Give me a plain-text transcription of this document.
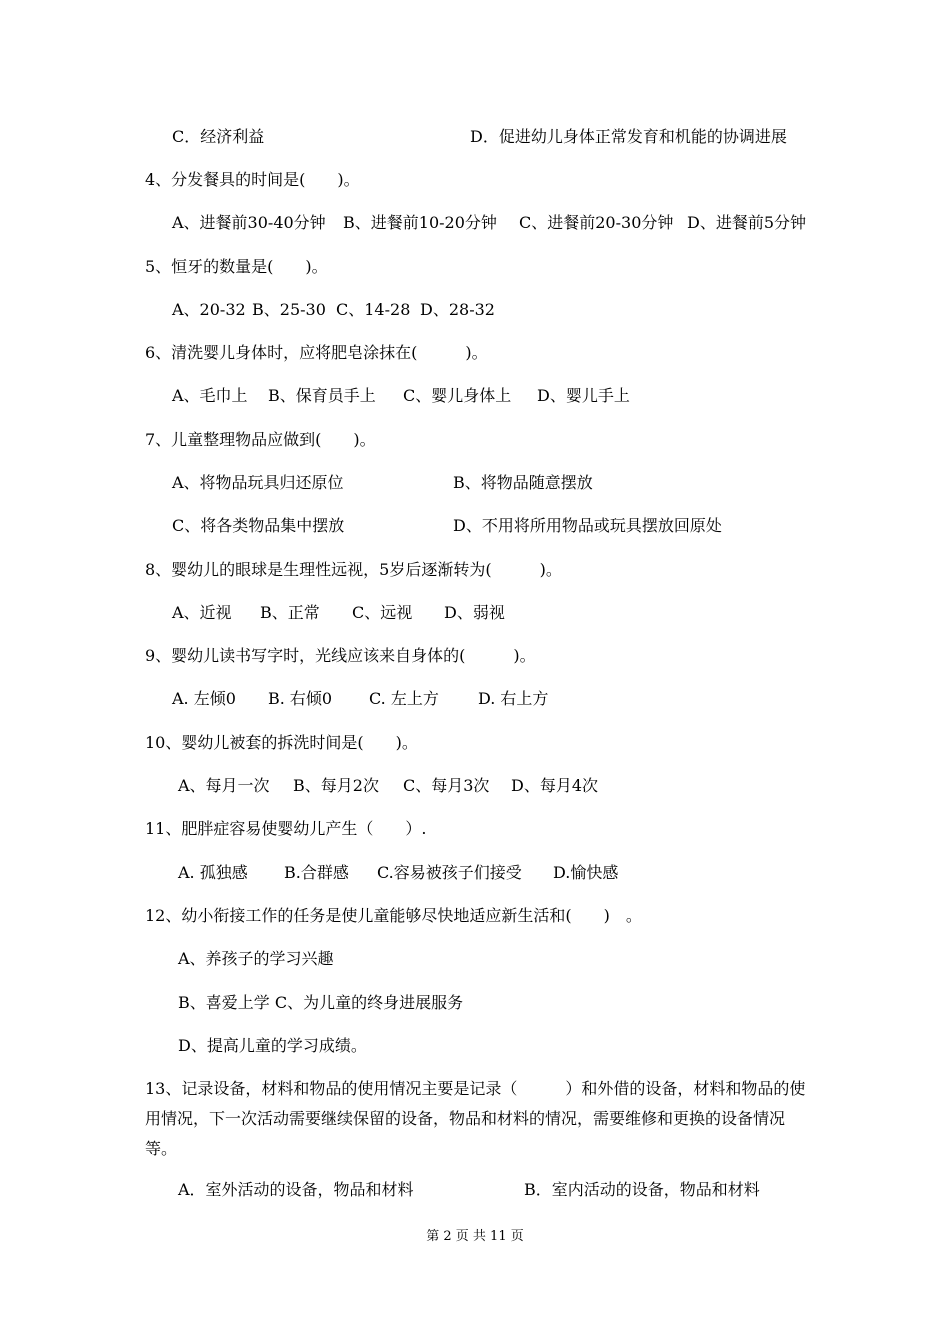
C．经济利益	D．促进幼儿身体正常发育和机能的协调进展
4、分发餐具的时间是(　　)。
A、进餐前30-40分钟 B、进餐前10-20分钟 C、进餐前20-30分钟 D、进餐前5分钟
5、恒牙的数量是(　　)。
A、20-32 B、25-30 C、14-28 D、28-32
6、清洗婴儿身体时，应将肥皂涂抹在(　　　)。
A、毛巾上 B、保育员手上 C、婴儿身体上 D、婴儿手上
7、儿童整理物品应做到(　　)。
A、将物品玩具归还原位	B、将物品随意摆放
C、将各类物品集中摆放	D、不用将所用物品或玩具摆放回原处
8、婴幼儿的眼球是生理性远视，5岁后逐渐转为(　　　)。
A、近视 B、正常 C、远视 D、弱视
9、婴幼儿读书写字时，光线应该来自身体的(　　　)。
A. 左倾0 B. 右倾0 C. 左上方 D. 右上方
10、婴幼儿被套的拆洗时间是(　　)。
A、每月一次 B、每月2次 C、每月3次 D、每月4次
11、肥胖症容易使婴幼儿产生（　　）.
A. 孤独感 B.合群感 C.容易被孩子们接受 D.愉快感
12、幼小衔接工作的任务是使儿童能够尽快地适应新生活和(　　)　。
A、养孩子的学习兴趣
B、喜爱上学 C、为儿童的终身进展服务
D、提高儿童的学习成绩。
13、记录设备，材料和物品的使用情况主要是记录（　　　）和外借的设备，材料和物品的使用情况，下一次活动需要继续保留的设备，物品和材料的情况，需要维修和更换的设备情况等。
A．室外活动的设备，物品和材料	B．室内活动的设备，物品和材料
第 2 页 共 11 页
